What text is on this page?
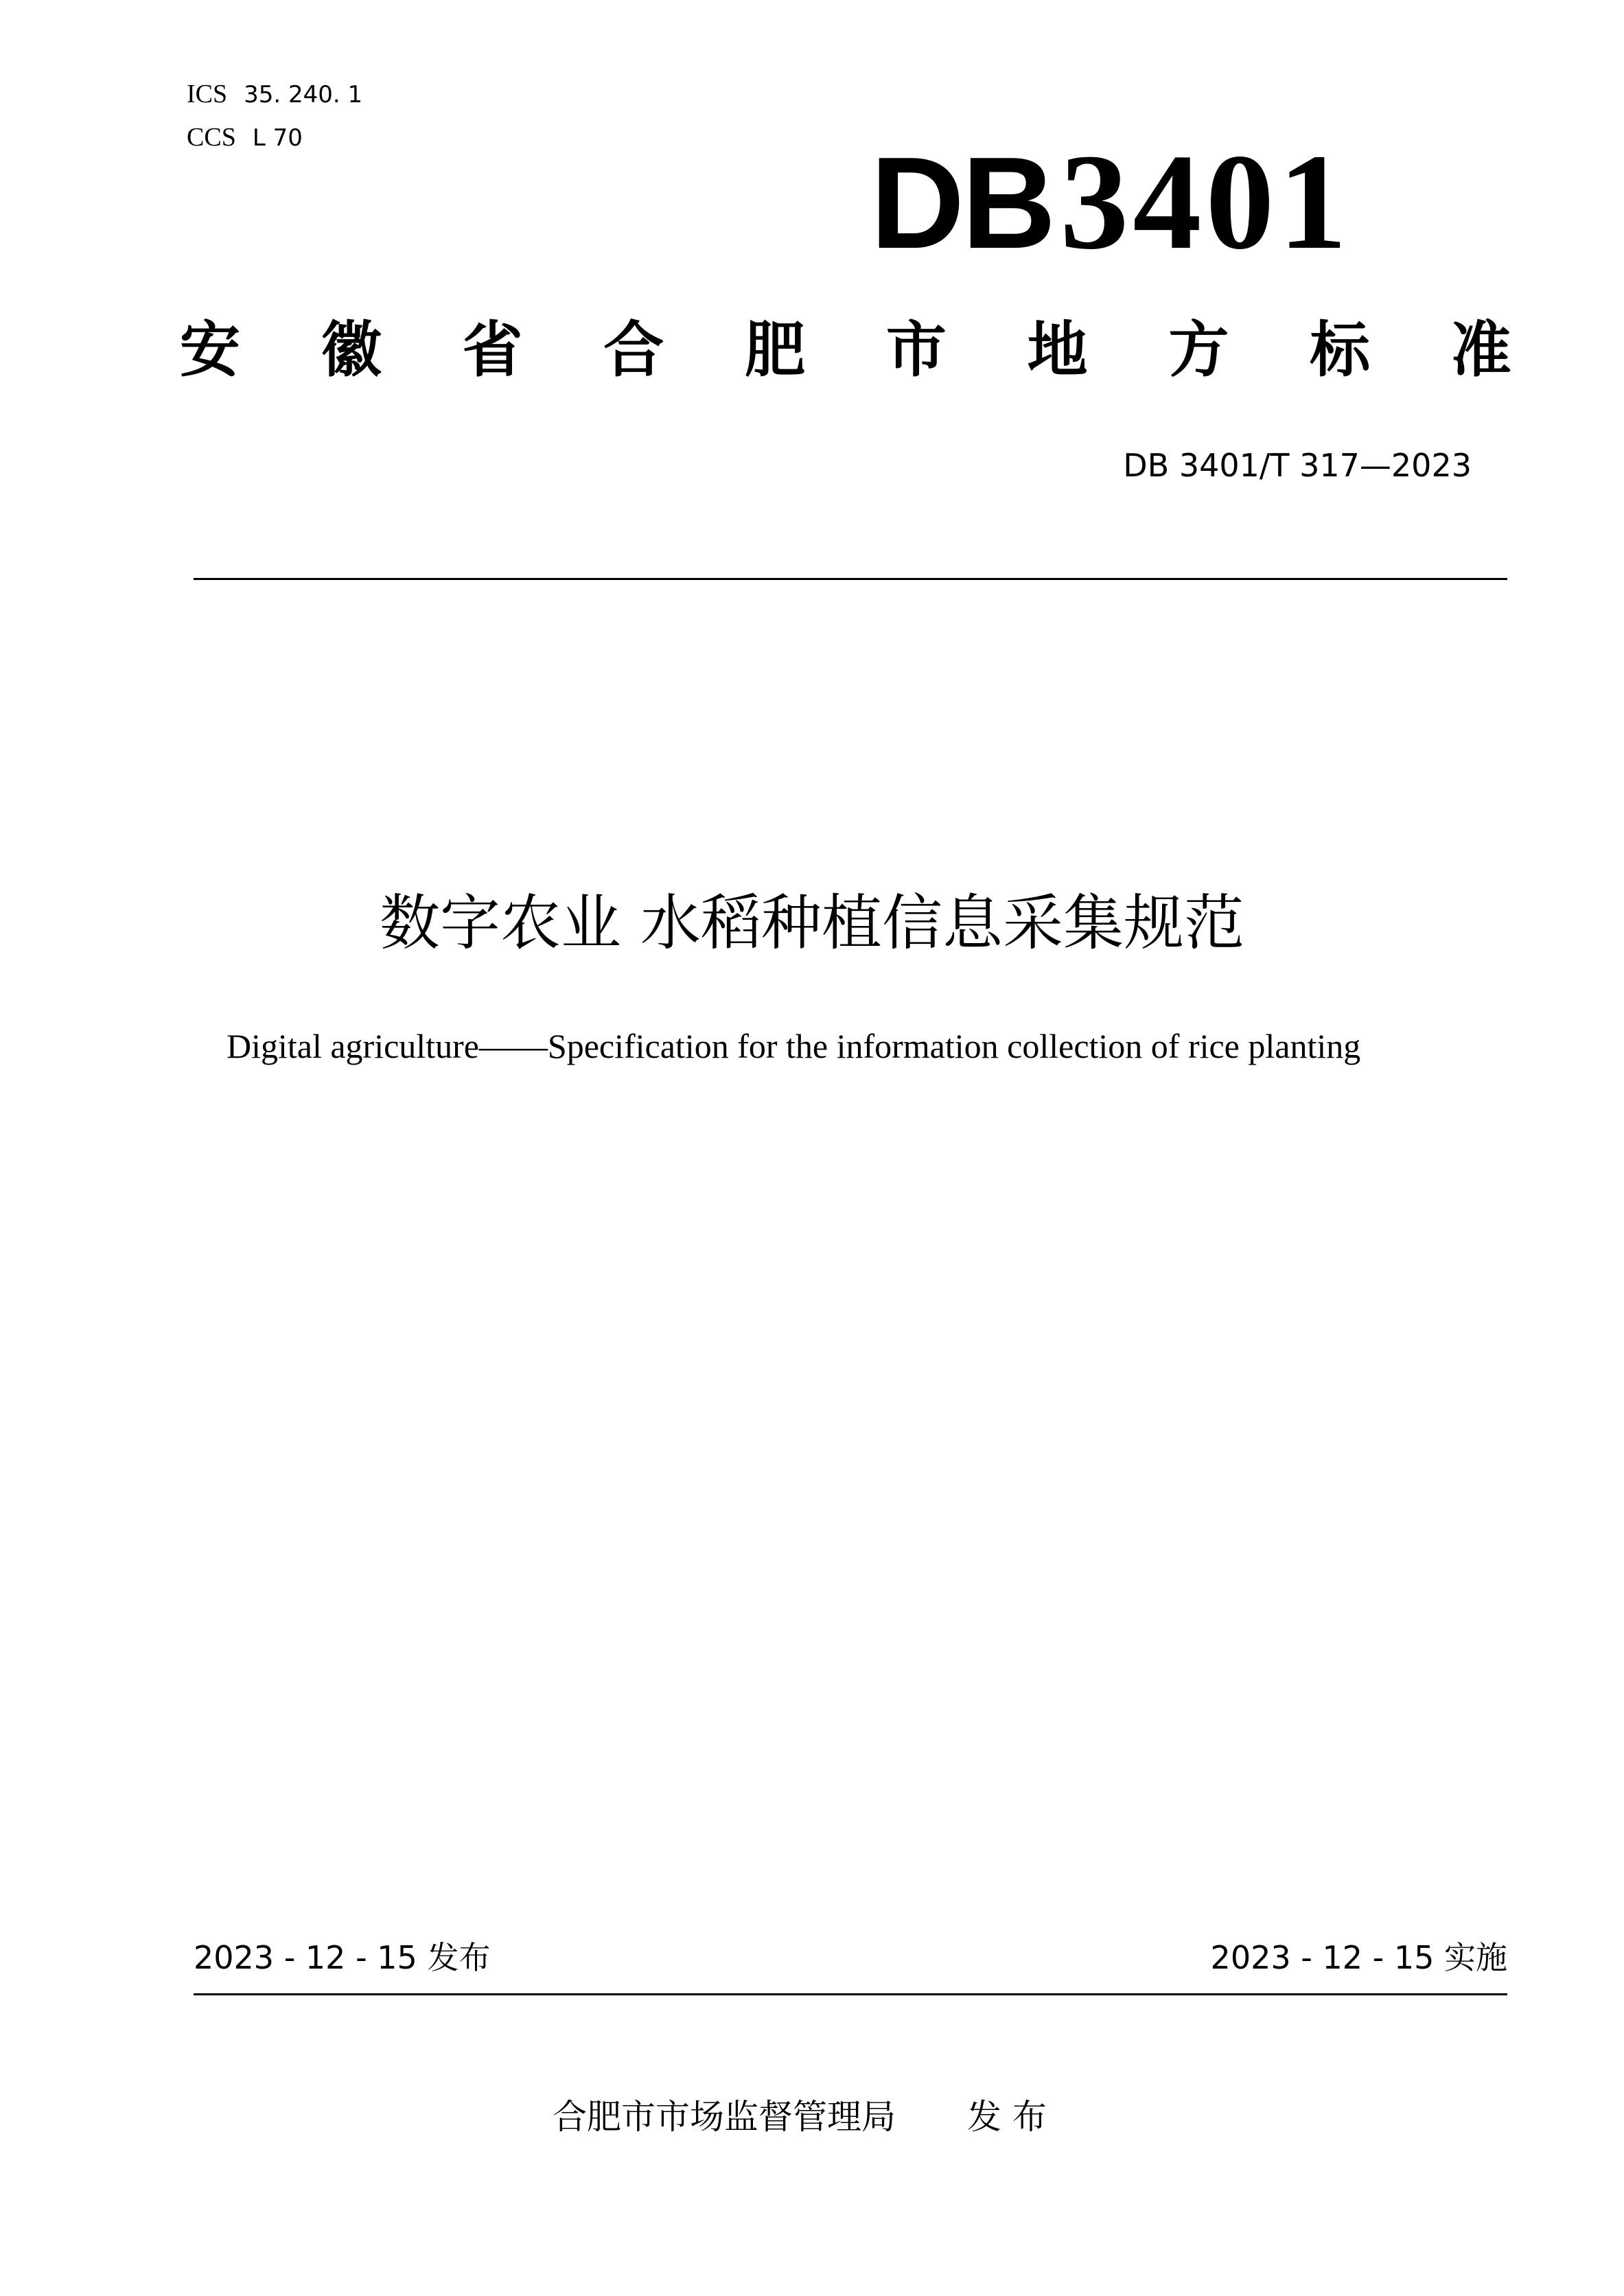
ICS 35. 240. 1
CCS L 70	DB3401
安 徽 省 合 肥 市 地 方 标 准
DB 3401/T 317—2023
数字农业 水稻种植信息采集规范
Digital agriculture——Specification for the information collection of rice planting
2023 - 12 - 15 发布	2023 - 12 - 15 实施
合肥市市场监督管理局 发 布
